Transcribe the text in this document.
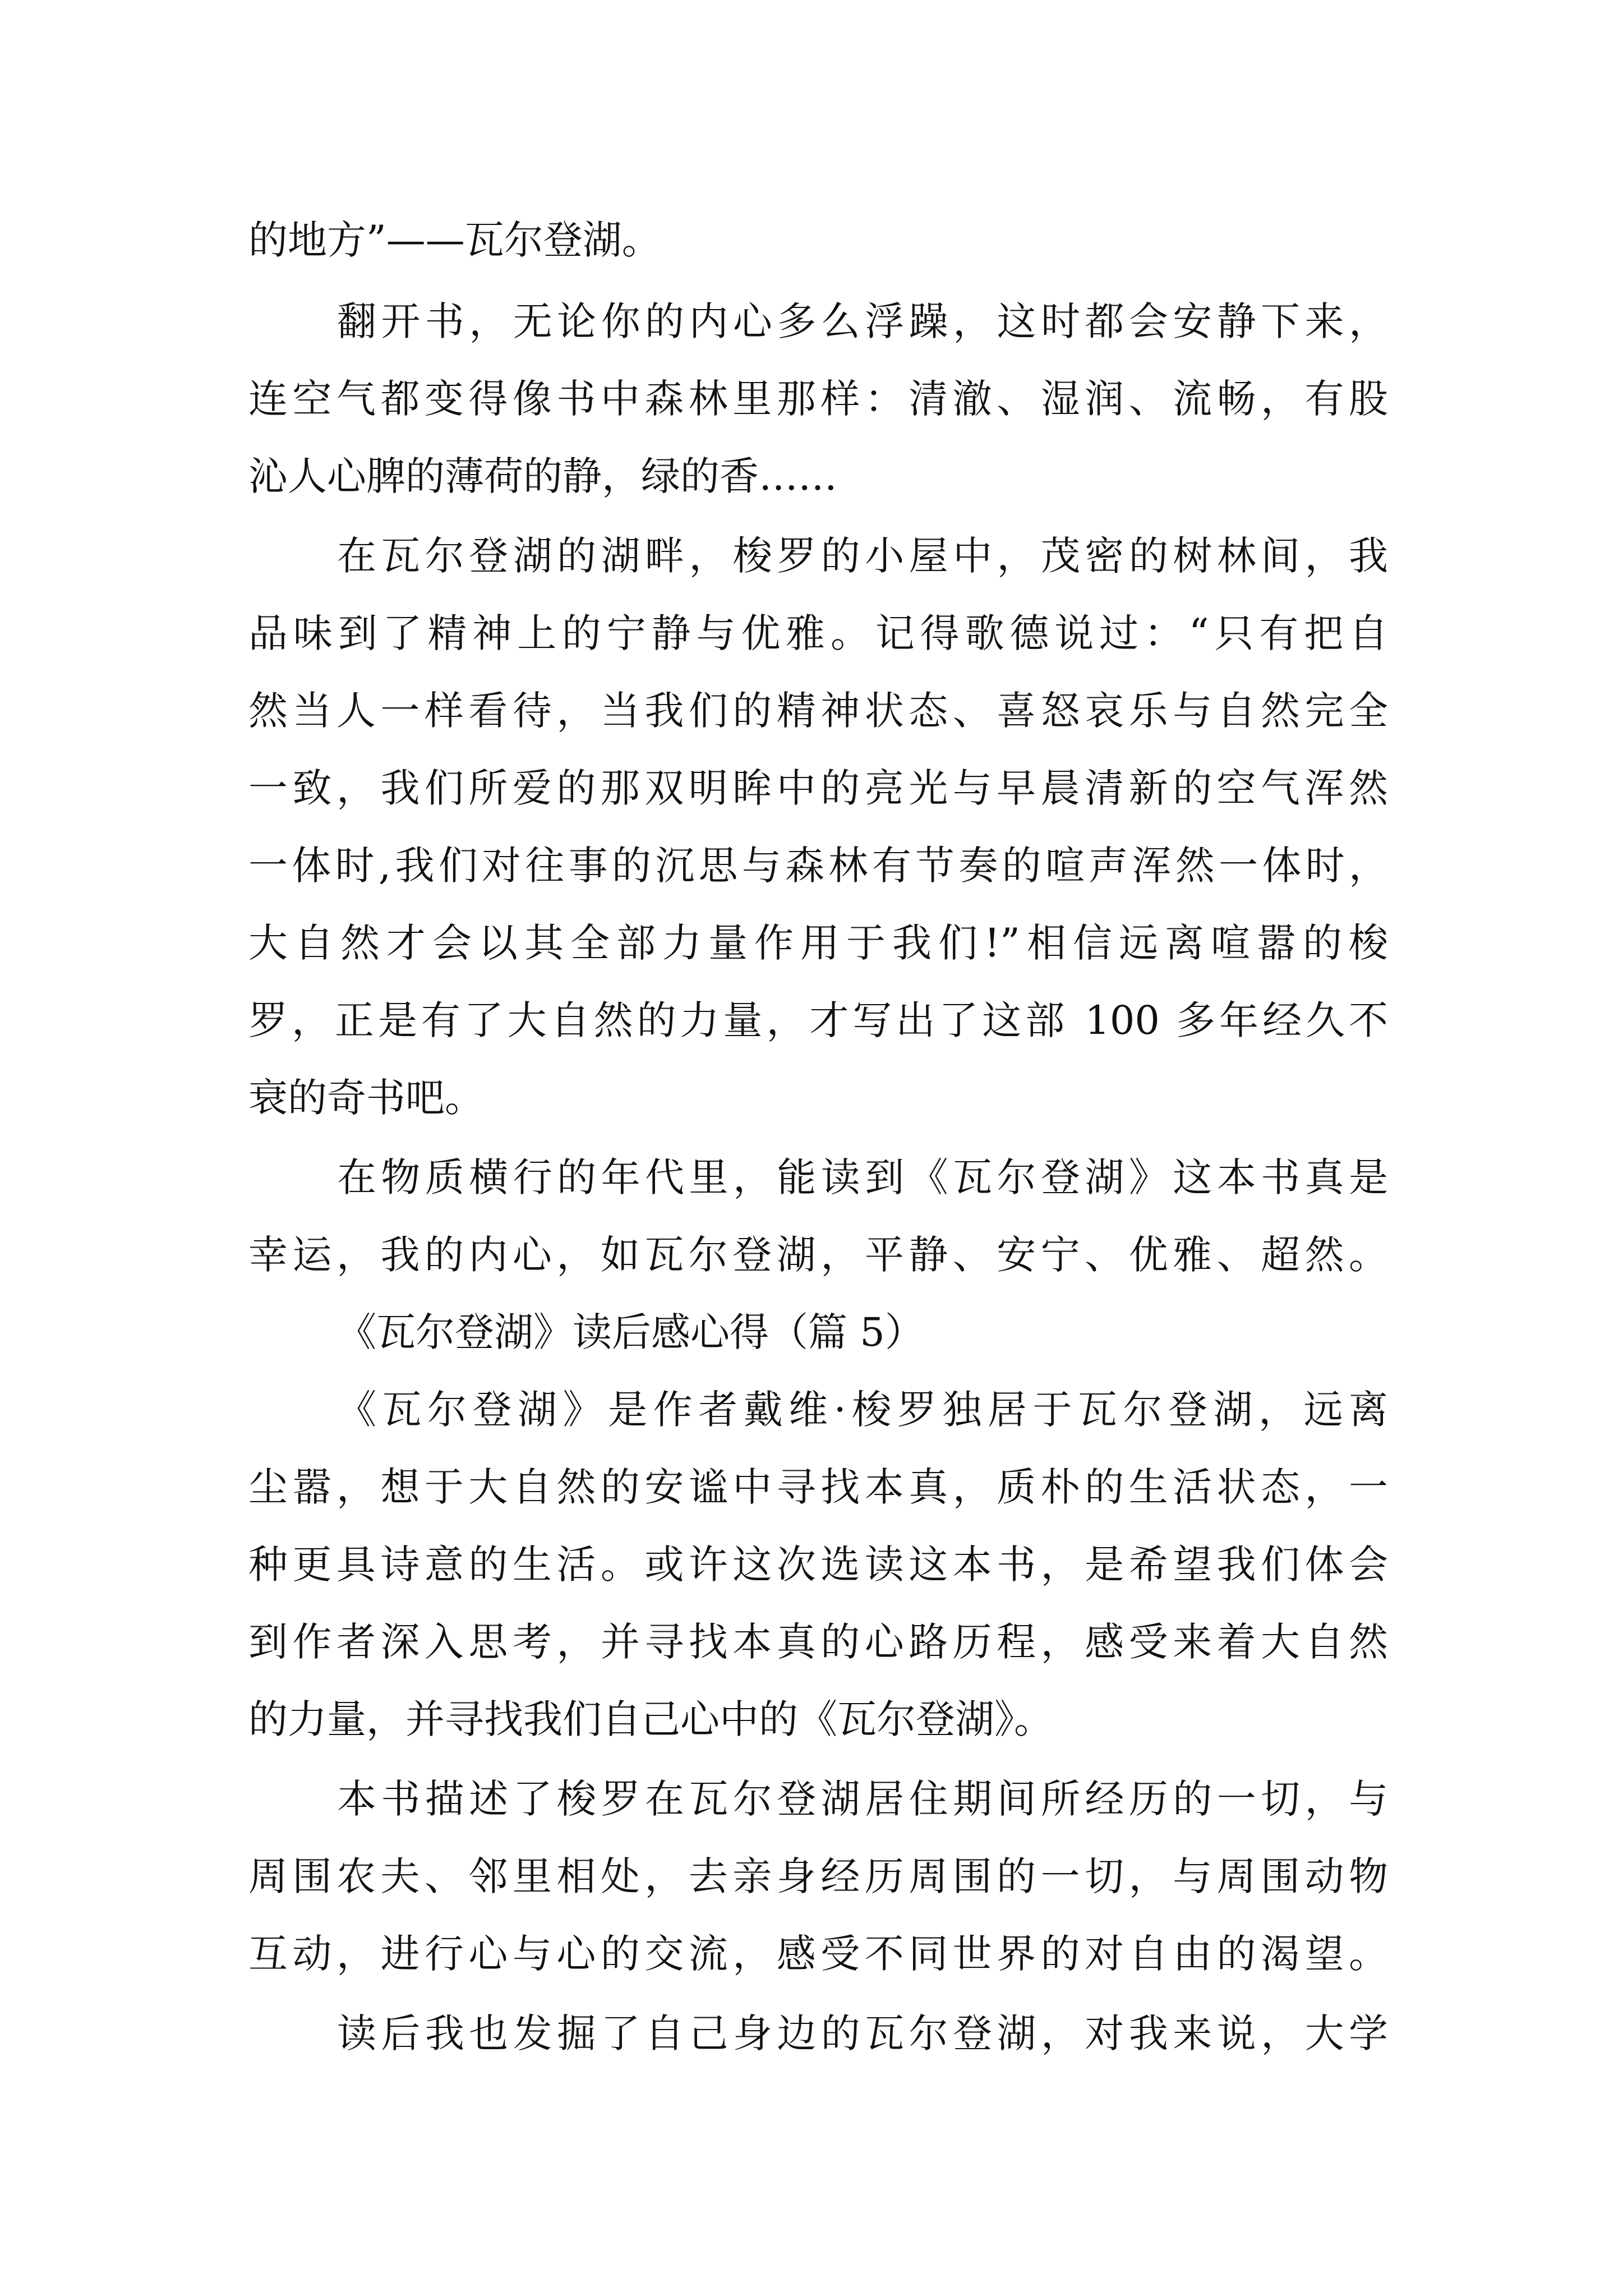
的地方”——瓦尔登湖。
翻开书，无论你的内心多么浮躁，这时都会安静下来，
连空气都变得像书中森林里那样：清澈、湿润、流畅，有股
沁人心脾的薄荷的静，绿的香……
在瓦尔登湖的湖畔，梭罗的小屋中，茂密的树林间，我
品味到了精神上的宁静与优雅。记得歌德说过：“只有把自
然当人一样看待，当我们的精神状态、喜怒哀乐与自然完全
一致，我们所爱的那双明眸中的亮光与早晨清新的空气浑然
一体时,我们对往事的沉思与森林有节奏的喧声浑然一体时，
大自然才会以其全部力量作用于我们!”相信远离喧嚣的梭
罗，正是有了大自然的力量，才写出了这部 100 多年经久不
衰的奇书吧。
在物质横行的年代里，能读到《瓦尔登湖》这本书真是
幸运，我的内心，如瓦尔登湖，平静、安宁、优雅、超然。
《瓦尔登湖》读后感心得（篇 5）
《瓦尔登湖》是作者戴维·梭罗独居于瓦尔登湖，远离
尘嚣，想于大自然的安谧中寻找本真，质朴的生活状态，一
种更具诗意的生活。或许这次选读这本书，是希望我们体会
到作者深入思考，并寻找本真的心路历程，感受来着大自然
的力量，并寻找我们自己心中的《瓦尔登湖》。
本书描述了梭罗在瓦尔登湖居住期间所经历的一切，与
周围农夫、邻里相处，去亲身经历周围的一切，与周围动物
互动，进行心与心的交流，感受不同世界的对自由的渴望。
读后我也发掘了自己身边的瓦尔登湖，对我来说，大学
